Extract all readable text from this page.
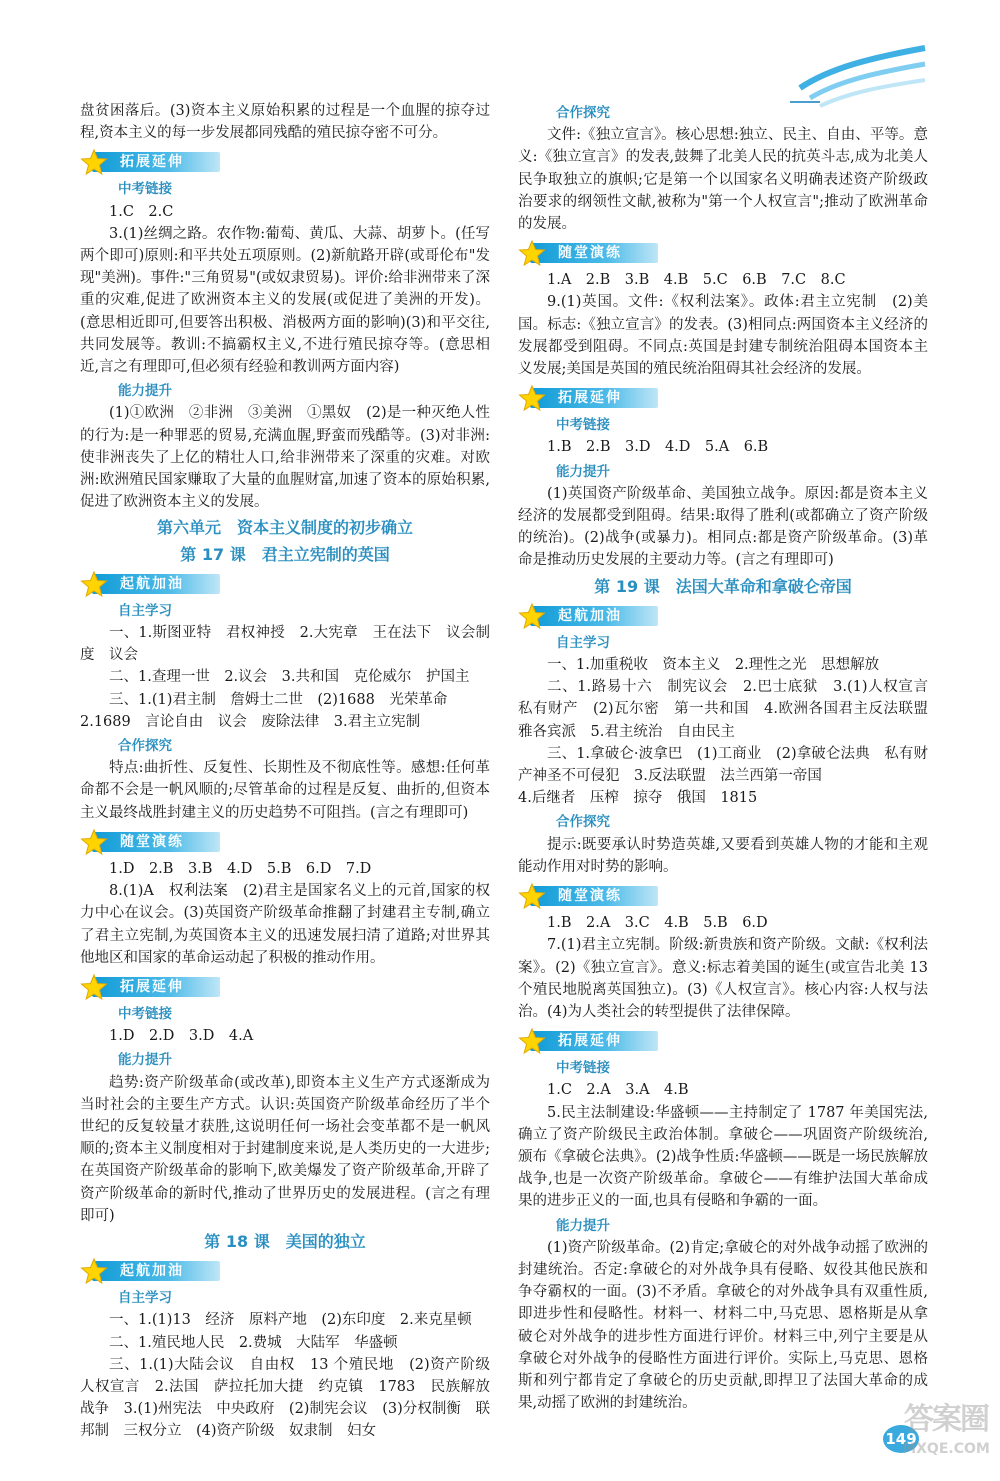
盘贫困落后。(3)资本主义原始积累的过程是一个血腥的掠夺过程,资本主义的每一步发展都同残酷的殖民掠夺密不可分。

拓展延伸

中考链接

1.C　2.C

3.(1)丝绸之路。农作物:葡萄、黄瓜、大蒜、胡萝卜。(任写两个即可)原则:和平共处五项原则。(2)新航路开辟(或哥伦布"发现"美洲)。事件:"三角贸易"(或奴隶贸易)。评价:给非洲带来了深重的灾难,促进了欧洲资本主义的发展(或促进了美洲的开发)。(意思相近即可,但要答出积极、消极两方面的影响)(3)和平交往,共同发展等。教训:不搞霸权主义,不进行殖民掠夺等。(意思相近,言之有理即可,但必须有经验和教训两方面内容)

能力提升

(1)①欧洲　②非洲　③美洲　①黑奴　(2)是一种灭绝人性的行为:是一种罪恶的贸易,充满血腥,野蛮而残酷等。(3)对非洲:使非洲丧失了上亿的精壮人口,给非洲带来了深重的灾难。对欧洲:欧洲殖民国家赚取了大量的血腥财富,加速了资本的原始积累,促进了欧洲资本主义的发展。

第六单元　资本主义制度的初步确立

第 17 课　君主立宪制的英国

起航加油

自主学习

一、1.斯图亚特　君权神授　2.大宪章　王在法下　议会制度　议会

二、1.查理一世　2.议会　3.共和国　克伦威尔　护国主

三、1.(1)君主制　詹姆士二世　(2)1688　光荣革命

2.1689　言论自由　议会　废除法律　3.君主立宪制

合作探究

特点:曲折性、反复性、长期性及不彻底性等。感想:任何革命都不会是一帆风顺的;尽管革命的过程是反复、曲折的,但资本主义最终战胜封建主义的历史趋势不可阻挡。(言之有理即可)

随堂演练

1.D　2.B　3.B　4.D　5.B　6.D　7.D

8.(1)A　权利法案　(2)君主是国家名义上的元首,国家的权力中心在议会。(3)英国资产阶级革命推翻了封建君主专制,确立了君主立宪制,为英国资本主义的迅速发展扫清了道路;对世界其他地区和国家的革命运动起了积极的推动作用。

拓展延伸

中考链接

1.D　2.D　3.D　4.A

能力提升

趋势:资产阶级革命(或改革),即资本主义生产方式逐渐成为当时社会的主要生产方式。认识:英国资产阶级革命经历了半个世纪的反复较量才获胜,这说明任何一场社会变革都不是一帆风顺的;资本主义制度相对于封建制度来说,是人类历史的一大进步;在英国资产阶级革命的影响下,欧美爆发了资产阶级革命,开辟了资产阶级革命的新时代,推动了世界历史的发展进程。(言之有理即可)

第 18 课　美国的独立

起航加油

自主学习

一、1.(1)13　经济　原料产地　(2)东印度　2.来克星顿

二、1.殖民地人民　2.费城　大陆军　华盛顿

三、1.(1)大陆会议　自由权　13 个殖民地　(2)资产阶级　人权宣言　2.法国　萨拉托加大捷　约克镇　1783　民族解放战争　3.(1)州宪法　中央政府　(2)制宪会议　(3)分权制衡　联邦制　三权分立　(4)资产阶级　奴隶制　妇女

合作探究

文件:《独立宣言》。核心思想:独立、民主、自由、平等。意义:《独立宣言》的发表,鼓舞了北美人民的抗英斗志,成为北美人民争取独立的旗帜;它是第一个以国家名义明确表述资产阶级政治要求的纲领性文献,被称为"第一个人权宣言";推动了欧洲革命的发展。

随堂演练

1.A　2.B　3.B　4.B　5.C　6.B　7.C　8.C

9.(1)英国。文件:《权利法案》。政体:君主立宪制　(2)美国。标志:《独立宣言》的发表。(3)相同点:两国资本主义经济的发展都受到阻碍。不同点:英国是封建专制统治阻碍本国资本主义发展;美国是英国的殖民统治阻碍其社会经济的发展。

拓展延伸

中考链接

1.B　2.B　3.D　4.D　5.A　6.B

能力提升

(1)英国资产阶级革命、美国独立战争。原因:都是资本主义经济的发展都受到阻碍。结果:取得了胜利(或都确立了资产阶级的统治)。(2)战争(或暴力)。相同点:都是资产阶级革命。(3)革命是推动历史发展的主要动力等。(言之有理即可)

第 19 课　法国大革命和拿破仑帝国

起航加油

自主学习

一、1.加重税收　资本主义　2.理性之光　思想解放

二、1.路易十六　制宪议会　2.巴士底狱　3.(1)人权宣言　私有财产　(2)瓦尔密　第一共和国　4.欧洲各国君主反法联盟　雅各宾派　5.君主统治　自由民主

三、1.拿破仑·波拿巴　(1)工商业　(2)拿破仑法典　私有财产神圣不可侵犯　3.反法联盟　法兰西第一帝国

4.后继者　压榨　掠夺　俄国　1815

合作探究

提示:既要承认时势造英雄,又要看到英雄人物的才能和主观能动作用对时势的影响。

随堂演练

1.B　2.A　3.C　4.B　5.B　6.D

7.(1)君主立宪制。阶级:新贵族和资产阶级。文献:《权利法案》。(2)《独立宣言》。意义:标志着美国的诞生(或宣告北美 13 个殖民地脱离英国独立)。(3)《人权宣言》。核心内容:人权与法治。(4)为人类社会的转型提供了法律保障。

拓展延伸

中考链接

1.C　2.A　3.A　4.B

5.民主法制建设:华盛顿——主持制定了 1787 年美国宪法,确立了资产阶级民主政治体制。拿破仑——巩固资产阶级统治,颁布《拿破仑法典》。(2)战争性质:华盛顿——既是一场民族解放战争,也是一次资产阶级革命。拿破仑——有维护法国大革命成果的进步正义的一面,也具有侵略和争霸的一面。

能力提升

(1)资产阶级革命。(2)肯定;拿破仑的对外战争动摇了欧洲的封建统治。否定:拿破仑的对外战争具有侵略、奴役其他民族和争夺霸权的一面。(3)不矛盾。拿破仑的对外战争具有双重性质,即进步性和侵略性。材料一、材料二中,马克思、恩格斯是从拿破仑对外战争的进步性方面进行评价。材料三中,列宁主要是从拿破仑对外战争的侵略性方面进行评价。实际上,马克思、恩格斯和列宁都肯定了拿破仑的历史贡献,即捍卫了法国大革命的成果,动摇了欧洲的封建统治。

149
答案圈
MXQE.COM
